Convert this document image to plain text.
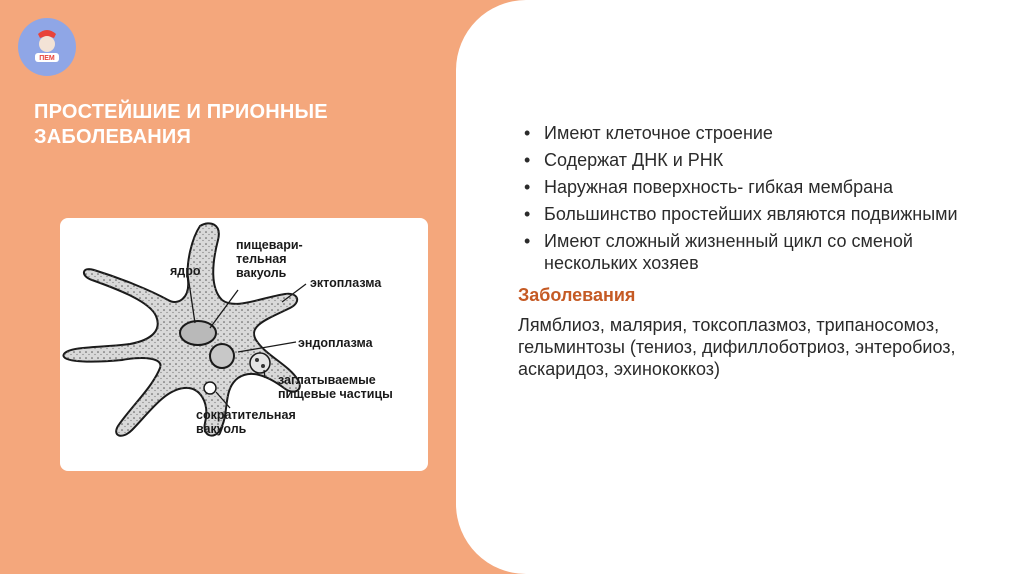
ПЕМ
ПРОСТЕЙШИЕ И ПРИОННЫЕ
ЗАБОЛЕВАНИЯ
ядро
пищевари-
тельная
вакуоль
эктоплазма
эндоплазма
заглатываемые
пищевые частицы
сократительная
вакуоль
• Имеют клеточное строение
• Содержат ДНК и РНК
• Наружная поверхность- гибкая мембрана
• Большинство простейших являются подвижными
• Имеют сложный жизненный цикл со сменой нескольких хозяев
Заболевания
Лямблиоз, малярия, токсоплазмоз, трипаносомоз, гельминтозы (тениоз, дифиллоботриоз, энтеробиоз, аскаридоз, эхинококкоз)
